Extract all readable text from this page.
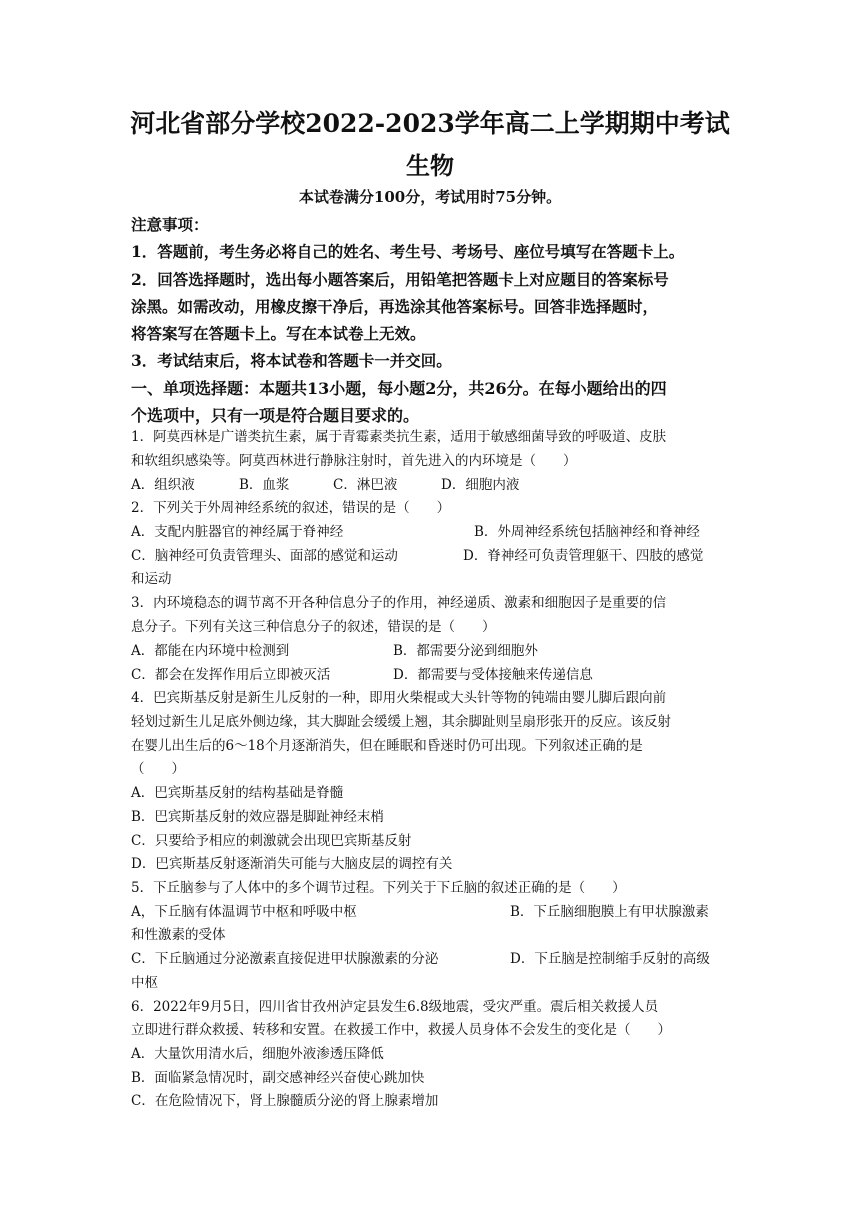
河北省部分学校2022-2023学年高二上学期期中考试
生物
本试卷满分100分，考试用时75分钟。
注意事项：
1．答题前，考生务必将自己的姓名、考生号、考场号、座位号填写在答题卡上。
2．回答选择题时，选出每小题答案后，用铅笔把答题卡上对应题目的答案标号
涂黑。如需改动，用橡皮擦干净后，再选涂其他答案标号。回答非选择题时，
将答案写在答题卡上。写在本试卷上无效。
3．考试结束后，将本试卷和答题卡一并交回。
一、单项选择题：本题共13小题，每小题2分，共26分。在每小题给出的四
个选项中，只有一项是符合题目要求的。
1．阿莫西林是广谱类抗生素，属于青霉素类抗生素，适用于敏感细菌导致的呼吸道、皮肤
和软组织感染等。阿莫西林进行静脉注射时，首先进入的内环境是（　　）
A．组织液	B．血浆	C．淋巴液	D．细胞内液
2．下列关于外周神经系统的叙述，错误的是（　　）
A．支配内脏器官的神经属于脊神经	B．外周神经系统包括脑神经和脊神经
C．脑神经可负责管理头、面部的感觉和运动	D．脊神经可负责管理躯干、四肢的感觉
和运动
3．内环境稳态的调节离不开各种信息分子的作用，神经递质、激素和细胞因子是重要的信
息分子。下列有关这三种信息分子的叙述，错误的是（　　）
A．都能在内环境中检测到	B．都需要分泌到细胞外
C．都会在发挥作用后立即被灭活	D．都需要与受体接触来传递信息
4．巴宾斯基反射是新生儿反射的一种，即用火柴棍或大头针等物的钝端由婴儿脚后跟向前
轻划过新生儿足底外侧边缘，其大脚趾会缓缓上翘，其余脚趾则呈扇形张开的反应。该反射
在婴儿出生后的6～18个月逐渐消失，但在睡眠和昏迷时仍可出现。下列叙述正确的是
（　　）
A．巴宾斯基反射的结构基础是脊髓
B．巴宾斯基反射的效应器是脚趾神经末梢
C．只要给予相应的刺激就会出现巴宾斯基反射
D．巴宾斯基反射逐渐消失可能与大脑皮层的调控有关
5．下丘脑参与了人体中的多个调节过程。下列关于下丘脑的叙述正确的是（　　）
A，下丘脑有体温调节中枢和呼吸中枢	B．下丘脑细胞膜上有甲状腺激素
和性激素的受体
C．下丘脑通过分泌激素直接促进甲状腺激素的分泌	D．下丘脑是控制缩手反射的高级
中枢
6．2022年9月5日，四川省甘孜州泸定县发生6.8级地震，受灾严重。震后相关救援人员
立即进行群众救援、转移和安置。在救援工作中，救援人员身体不会发生的变化是（　　）
A．大量饮用清水后，细胞外液渗透压降低
B．面临紧急情况时，副交感神经兴奋使心跳加快
C．在危险情况下，肾上腺髓质分泌的肾上腺素增加
